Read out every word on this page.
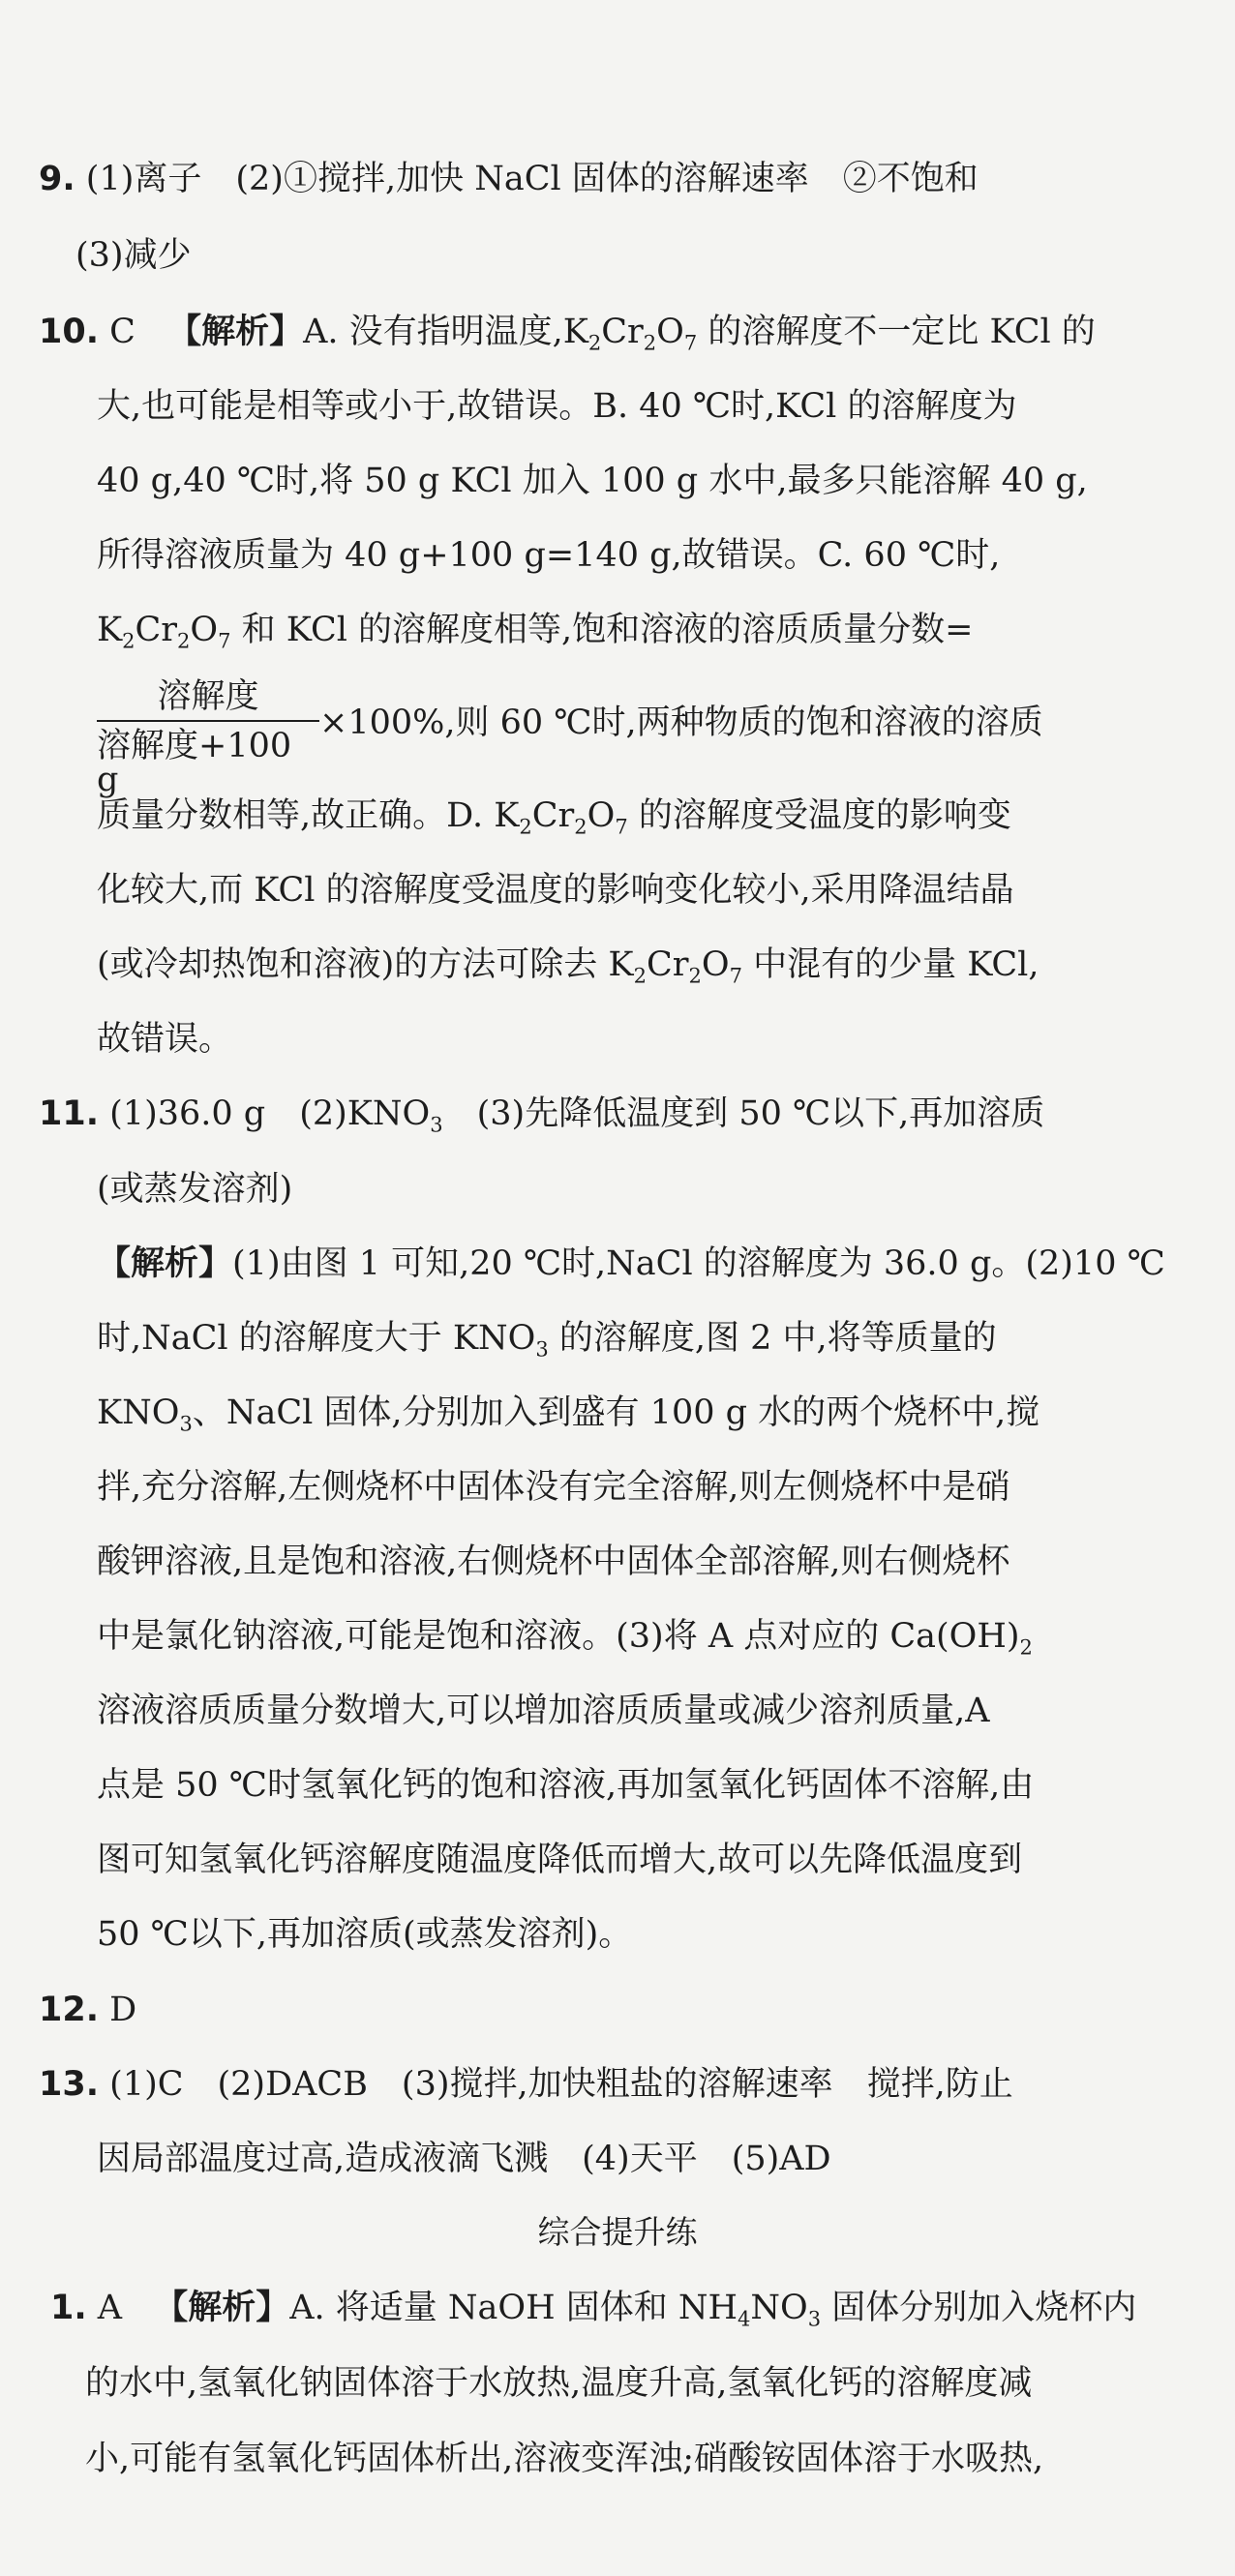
9. (1)离子　(2)①搅拌,加快 NaCl 固体的溶解速率　②不饱和
(3)减少
10. C 【解析】A. 没有指明温度$,K_2Cr_2O_7$ 的溶解度不一定比 KCl 的
大,也可能是相等或小于,故错误。B. 40 ℃时,KCl 的溶解度为
40 g,40 ℃时,将 50 g KCl 加入 100 g 水中,最多只能溶解 40 g,
所得溶液质量为 40 g+100 g=140 g,故错误。C. 60 ℃时,
$K_2Cr_2O_7$ 和 KCl 的溶解度相等,饱和溶液的溶质质量分数=
溶解度
溶解度+100 g
×100%,则 60 ℃时,两种物质的饱和溶液的溶质
质量分数相等,故正确。D. $K_2Cr_2O_7$ 的溶解度受温度的影响变
化较大,而 KCl 的溶解度受温度的影响变化较小,采用降温结晶
(或冷却热饱和溶液)的方法可除去 $K_2Cr_2O_7$ 中混有的少量 KCl,
故错误。
11. (1)36.0 g　$(2)KNO_3$　(3)先降低温度到 50 ℃以下,再加溶质
(或蒸发溶剂)
【解析】(1)由图 1 可知,20 ℃时,NaCl 的溶解度为 36.0 g。(2)10 ℃
时,NaCl 的溶解度大于 $KNO_3$ 的溶解度,图 2 中,将等质量的
$KNO_3$、NaCl 固体,分别加入到盛有 100 g 水的两个烧杯中,搅
拌,充分溶解,左侧烧杯中固体没有完全溶解,则左侧烧杯中是硝
酸钾溶液,且是饱和溶液,右侧烧杯中固体全部溶解,则右侧烧杯
中是氯化钠溶液,可能是饱和溶液。(3)将 A 点对应的 $Ca(OH)_2$
溶液溶质质量分数增大,可以增加溶质质量或减少溶剂质量,A
点是 50 ℃时氢氧化钙的饱和溶液,再加氢氧化钙固体不溶解,由
图可知氢氧化钙溶解度随温度降低而增大,故可以先降低温度到
50 ℃以下,再加溶质(或蒸发溶剂)。
12. D
13. (1)C　(2)DACB　(3)搅拌,加快粗盐的溶解速率　搅拌,防止
因局部温度过高,造成液滴飞溅　(4)天平　(5)AD
综合提升练
1. A 【解析】A. 将适量 NaOH 固体和 $NH_4NO_3$ 固体分别加入烧杯内
的水中,氢氧化钠固体溶于水放热,温度升高,氢氧化钙的溶解度减
小,可能有氢氧化钙固体析出,溶液变浑浊;硝酸铵固体溶于水吸热,
